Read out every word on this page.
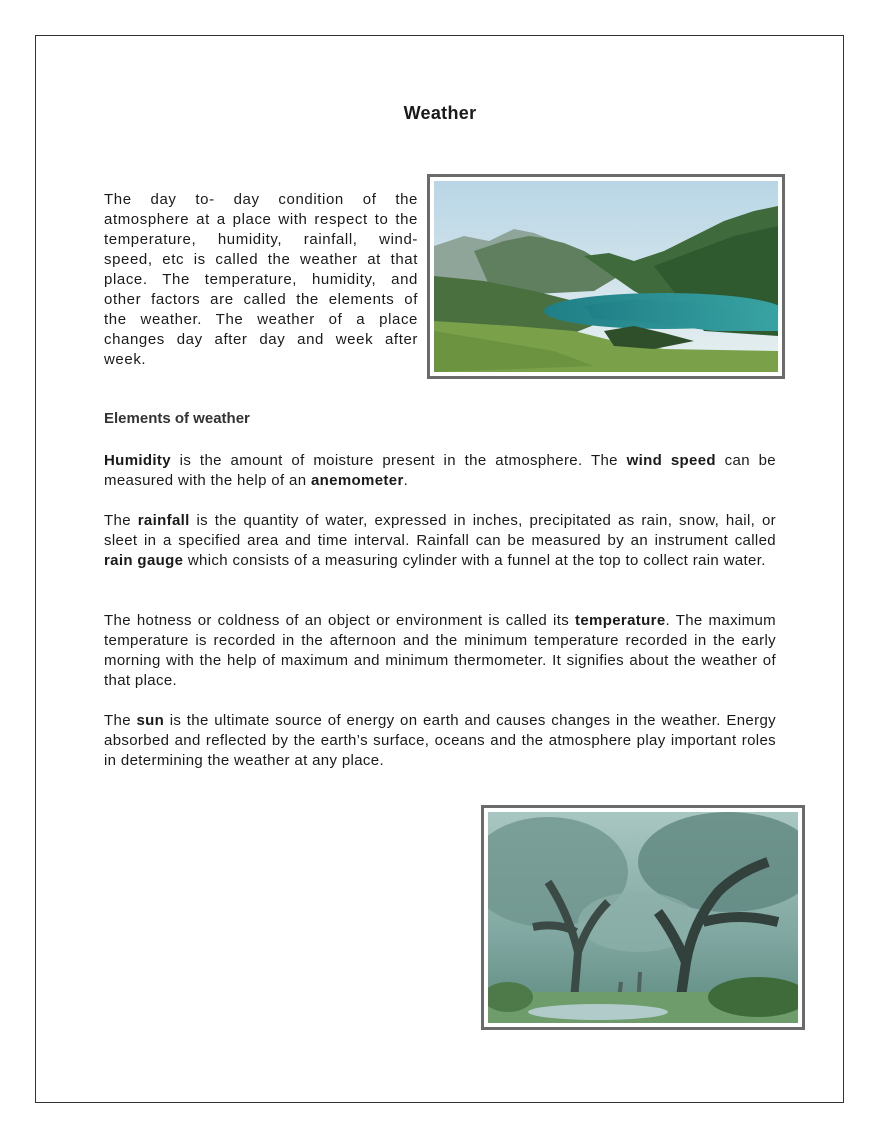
Weather
The day to- day condition of the atmosphere at a place with respect to the temperature, humidity, rainfall, wind-speed, etc is called the weather at that place. The temperature, humidity, and other factors are called the elements of the weather. The weather of a place changes day after day and week after week.
Elements of weather
Humidity is the amount of moisture present in the atmosphere. The wind speed can be measured with the help of an anemometer.
The rainfall is the quantity of water, expressed in inches, precipitated as rain, snow, hail, or sleet in a specified area and time interval. Rainfall can be measured by an instrument called rain gauge which consists of a measuring cylinder with a funnel at the top to collect rain water.
The hotness or coldness of an object or environment is called its temperature. The maximum temperature is recorded in the afternoon and the minimum temperature recorded in the early morning with the help of maximum and minimum thermometer. It signifies about the weather of that place.
The sun is the ultimate source of energy on earth and causes changes in the weather. Energy absorbed and reflected by the earth’s surface, oceans and the atmosphere play important roles in determining the weather at any place.
